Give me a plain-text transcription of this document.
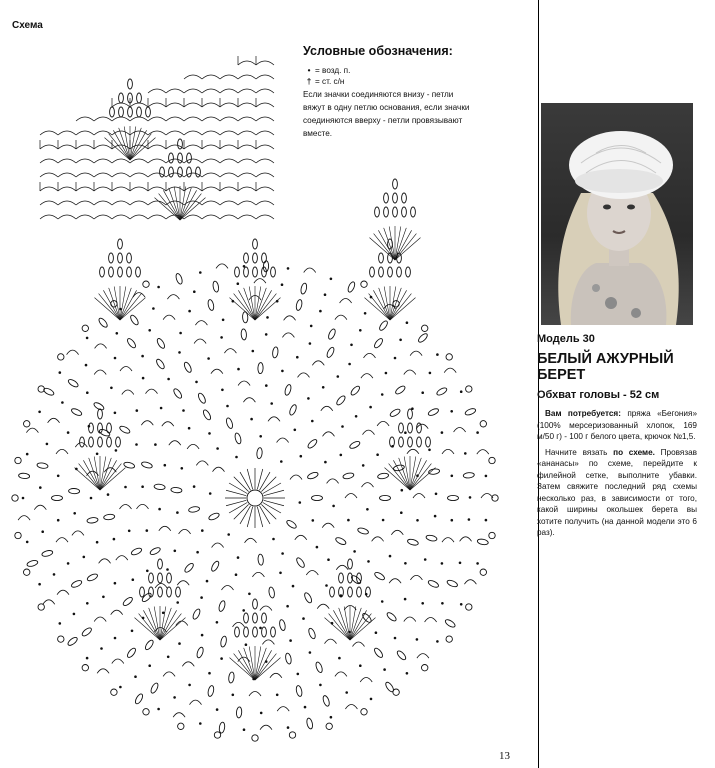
Схема
Условные обозначения:
• = возд. п.
† = ст. с/н
Если значки соединяются внизу - петли вяжут в одну петлю основания, если значки соединяются вверху - петли провязывают вместе.
Модель 30
БЕЛЫЙ АЖУРНЫЙ БЕРЕТ
Обхват головы - 52 см

Вам потребуется: пряжа «Бегония» (100% мерсеризованный хлопок, 169 м/50 г) - 100 г белого цвета, крючок №1,5.

Начните вязать по схеме. Провязав «ананасы» по схеме, перейдите к филейной сетке, выполните убавки. Затем свяжите последний ряд схемы несколько раз, в зависимости от того, какой ширины окольшек берета вы хотите получить (на данной модели это 6 раз).

13
